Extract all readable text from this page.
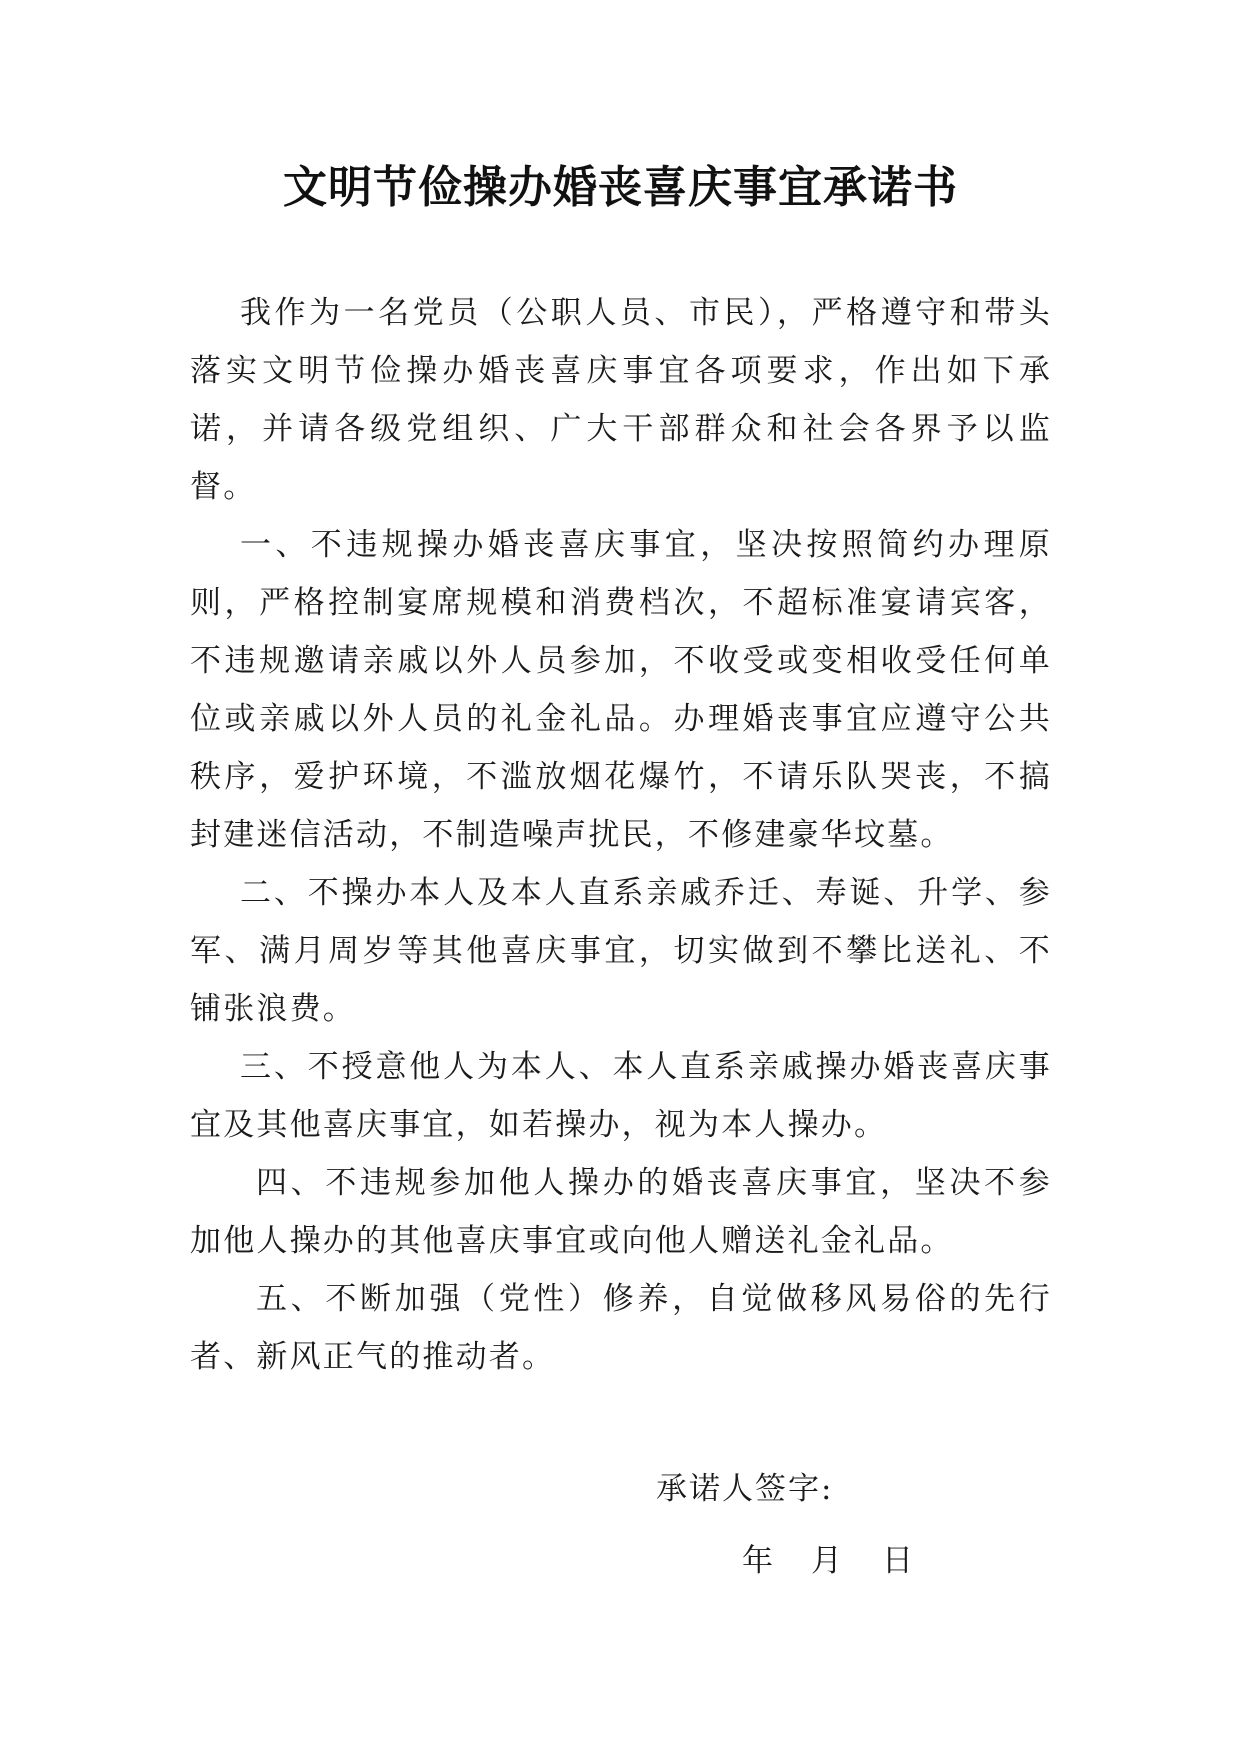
文明节俭操办婚丧喜庆事宜承诺书

我作为一名党员（公职人员、市民），严格遵守和带头落实文明节俭操办婚丧喜庆事宜各项要求，作出如下承诺，并请各级党组织、广大干部群众和社会各界予以监督。

一、不违规操办婚丧喜庆事宜，坚决按照简约办理原则，严格控制宴席规模和消费档次，不超标准宴请宾客，不违规邀请亲戚以外人员参加，不收受或变相收受任何单位或亲戚以外人员的礼金礼品。办理婚丧事宜应遵守公共秩序，爱护环境，不滥放烟花爆竹，不请乐队哭丧，不搞封建迷信活动，不制造噪声扰民，不修建豪华坟墓。

二、不操办本人及本人直系亲戚乔迁、寿诞、升学、参军、满月周岁等其他喜庆事宜，切实做到不攀比送礼、不铺张浪费。

三、不授意他人为本人、本人直系亲戚操办婚丧喜庆事宜及其他喜庆事宜，如若操办，视为本人操办。

四、不违规参加他人操办的婚丧喜庆事宜，坚决不参加他人操办的其他喜庆事宜或向他人赠送礼金礼品。

五、不断加强（党性）修养，自觉做移风易俗的先行者、新风正气的推动者。

承诺人签字:
年 月 日
